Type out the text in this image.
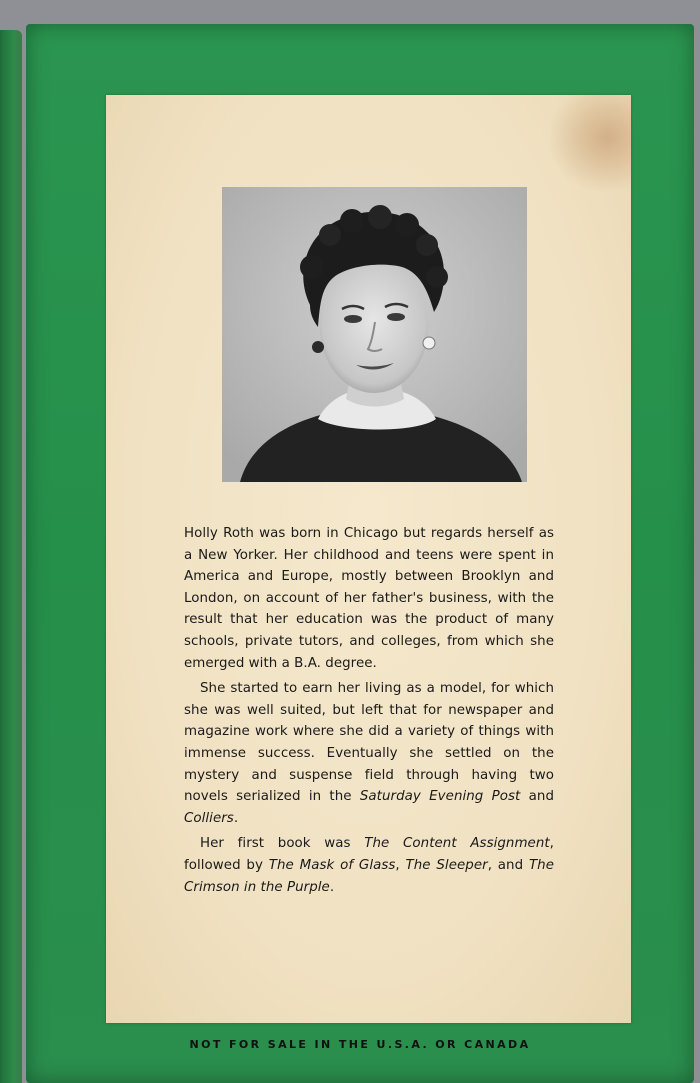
Holly Roth was born in Chicago but regards herself as a New Yorker. Her childhood and teens were spent in America and Europe, mostly between Brooklyn and London, on account of her father's business, with the result that her education was the product of many schools, private tutors, and colleges, from which she emerged with a B.A. degree.

She started to earn her living as a model, for which she was well suited, but left that for newspaper and magazine work where she did a variety of things with immense success. Eventually she settled on the mystery and suspense field through having two novels serialized in the Saturday Evening Post and Colliers.

Her first book was The Content Assignment, followed by The Mask of Glass, The Sleeper, and The Crimson in the Purple.

NOT FOR SALE IN THE U.S.A. OR CANADA
